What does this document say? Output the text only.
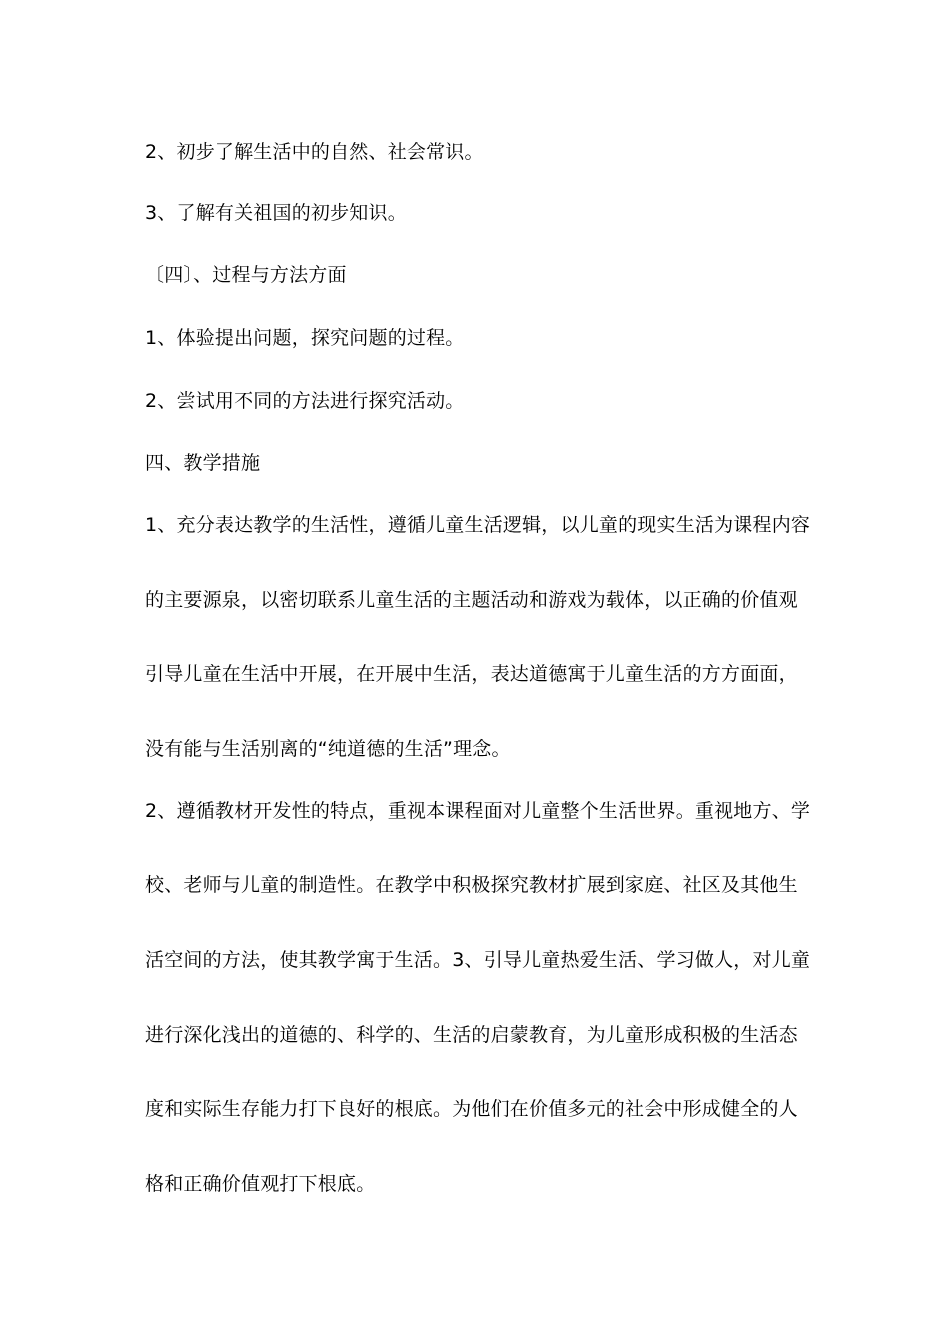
2、初步了解生活中的自然、社会常识。
3、了解有关祖国的初步知识。
〔四〕、过程与方法方面
1、体验提出问题，探究问题的过程。
2、尝试用不同的方法进行探究活动。
四、教学措施
1、充分表达教学的生活性，遵循儿童生活逻辑，以儿童的现实生活为课程内容
的主要源泉，以密切联系儿童生活的主题活动和游戏为载体，以正确的价值观
引导儿童在生活中开展，在开展中生活，表达道德寓于儿童生活的方方面面，
没有能与生活别离的“纯道德的生活”理念。
2、遵循教材开发性的特点，重视本课程面对儿童整个生活世界。重视地方、学
校、老师与儿童的制造性。在教学中积极探究教材扩展到家庭、社区及其他生
活空间的方法，使其教学寓于生活。3、引导儿童热爱生活、学习做人，对儿童
进行深化浅出的道德的、科学的、生活的启蒙教育，为儿童形成积极的生活态
度和实际生存能力打下良好的根底。为他们在价值多元的社会中形成健全的人
格和正确价值观打下根底。
